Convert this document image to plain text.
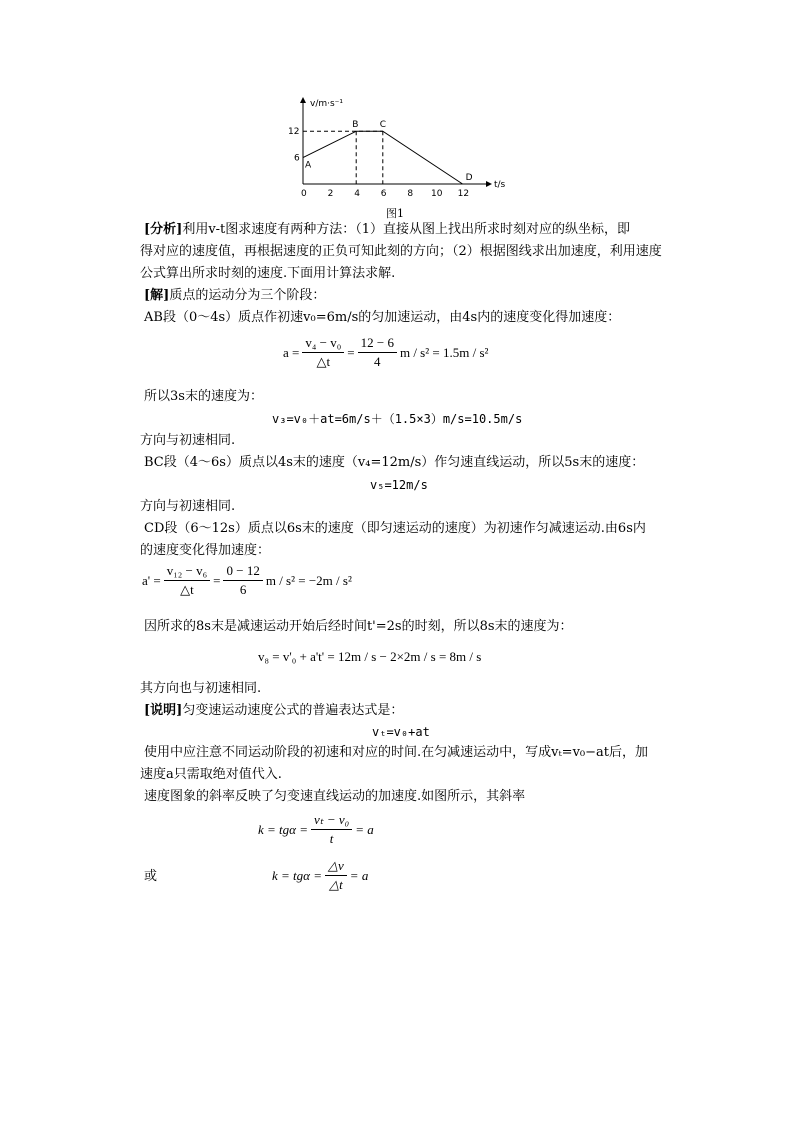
A
B C
D
0 2 4 6 8 10 12
12
6
v/m·s⁻¹
t/s
图1
[分析]利用v-t图求速度有两种方法：（1）直接从图上找出所求时刻对应的纵坐标，即
得对应的速度值，再根据速度的正负可知此刻的方向；（2）根据图线求出加速度，利用速度
公式算出所求时刻的速度.下面用计算法求解.
[解]质点的运动分为三个阶段：
AB段（0～4s）质点作初速v₀=6m/s的匀加速运动，由4s内的速度变化得加速度：
$a = \frac{\text{v₄ − v₀}}{\triangle t} = \frac{12 - 6}{4}$ m / s² = 1.5m / s²
所以3s末的速度为：
v₃=v₀＋at=6m/s＋（1.5×3）m/s=10.5m/s
方向与初速相同.
BC段（4～6s）质点以4s末的速度（v₄=12m/s）作匀速直线运动，所以5s末的速度：
v₅=12m/s
方向与初速相同.
CD段（6～12s）质点以6s末的速度（即匀速运动的速度）为初速作匀减速运动.由6s内
的速度变化得加速度：
$a' = \frac{\text{v₁₂ − v₆}}{\triangle t} = \frac{0 - 12}{6}$ m / s² = −2m / s²
因所求的8s末是减速运动开始后经时间t'=2s的时刻，所以8s末的速度为：
v₈ = v'₀ + a't' = 12m / s − 2×2m / s = 8m / s
其方向也与初速相同.
[说明]匀变速运动速度公式的普遍表达式是：
vₜ=v₀+at
使用中应注意不同运动阶段的初速和对应的时间.在匀减速运动中，写成vₜ=v₀−at后，加
速度a只需取绝对值代入.
速度图象的斜率反映了匀变速直线运动的加速度.如图所示，其斜率
$k = tg\alpha = \frac{\text{vₜ − v₀}}{t} = a$
或	$k = tg\alpha = \frac{\triangle v}{\triangle t} = a$
